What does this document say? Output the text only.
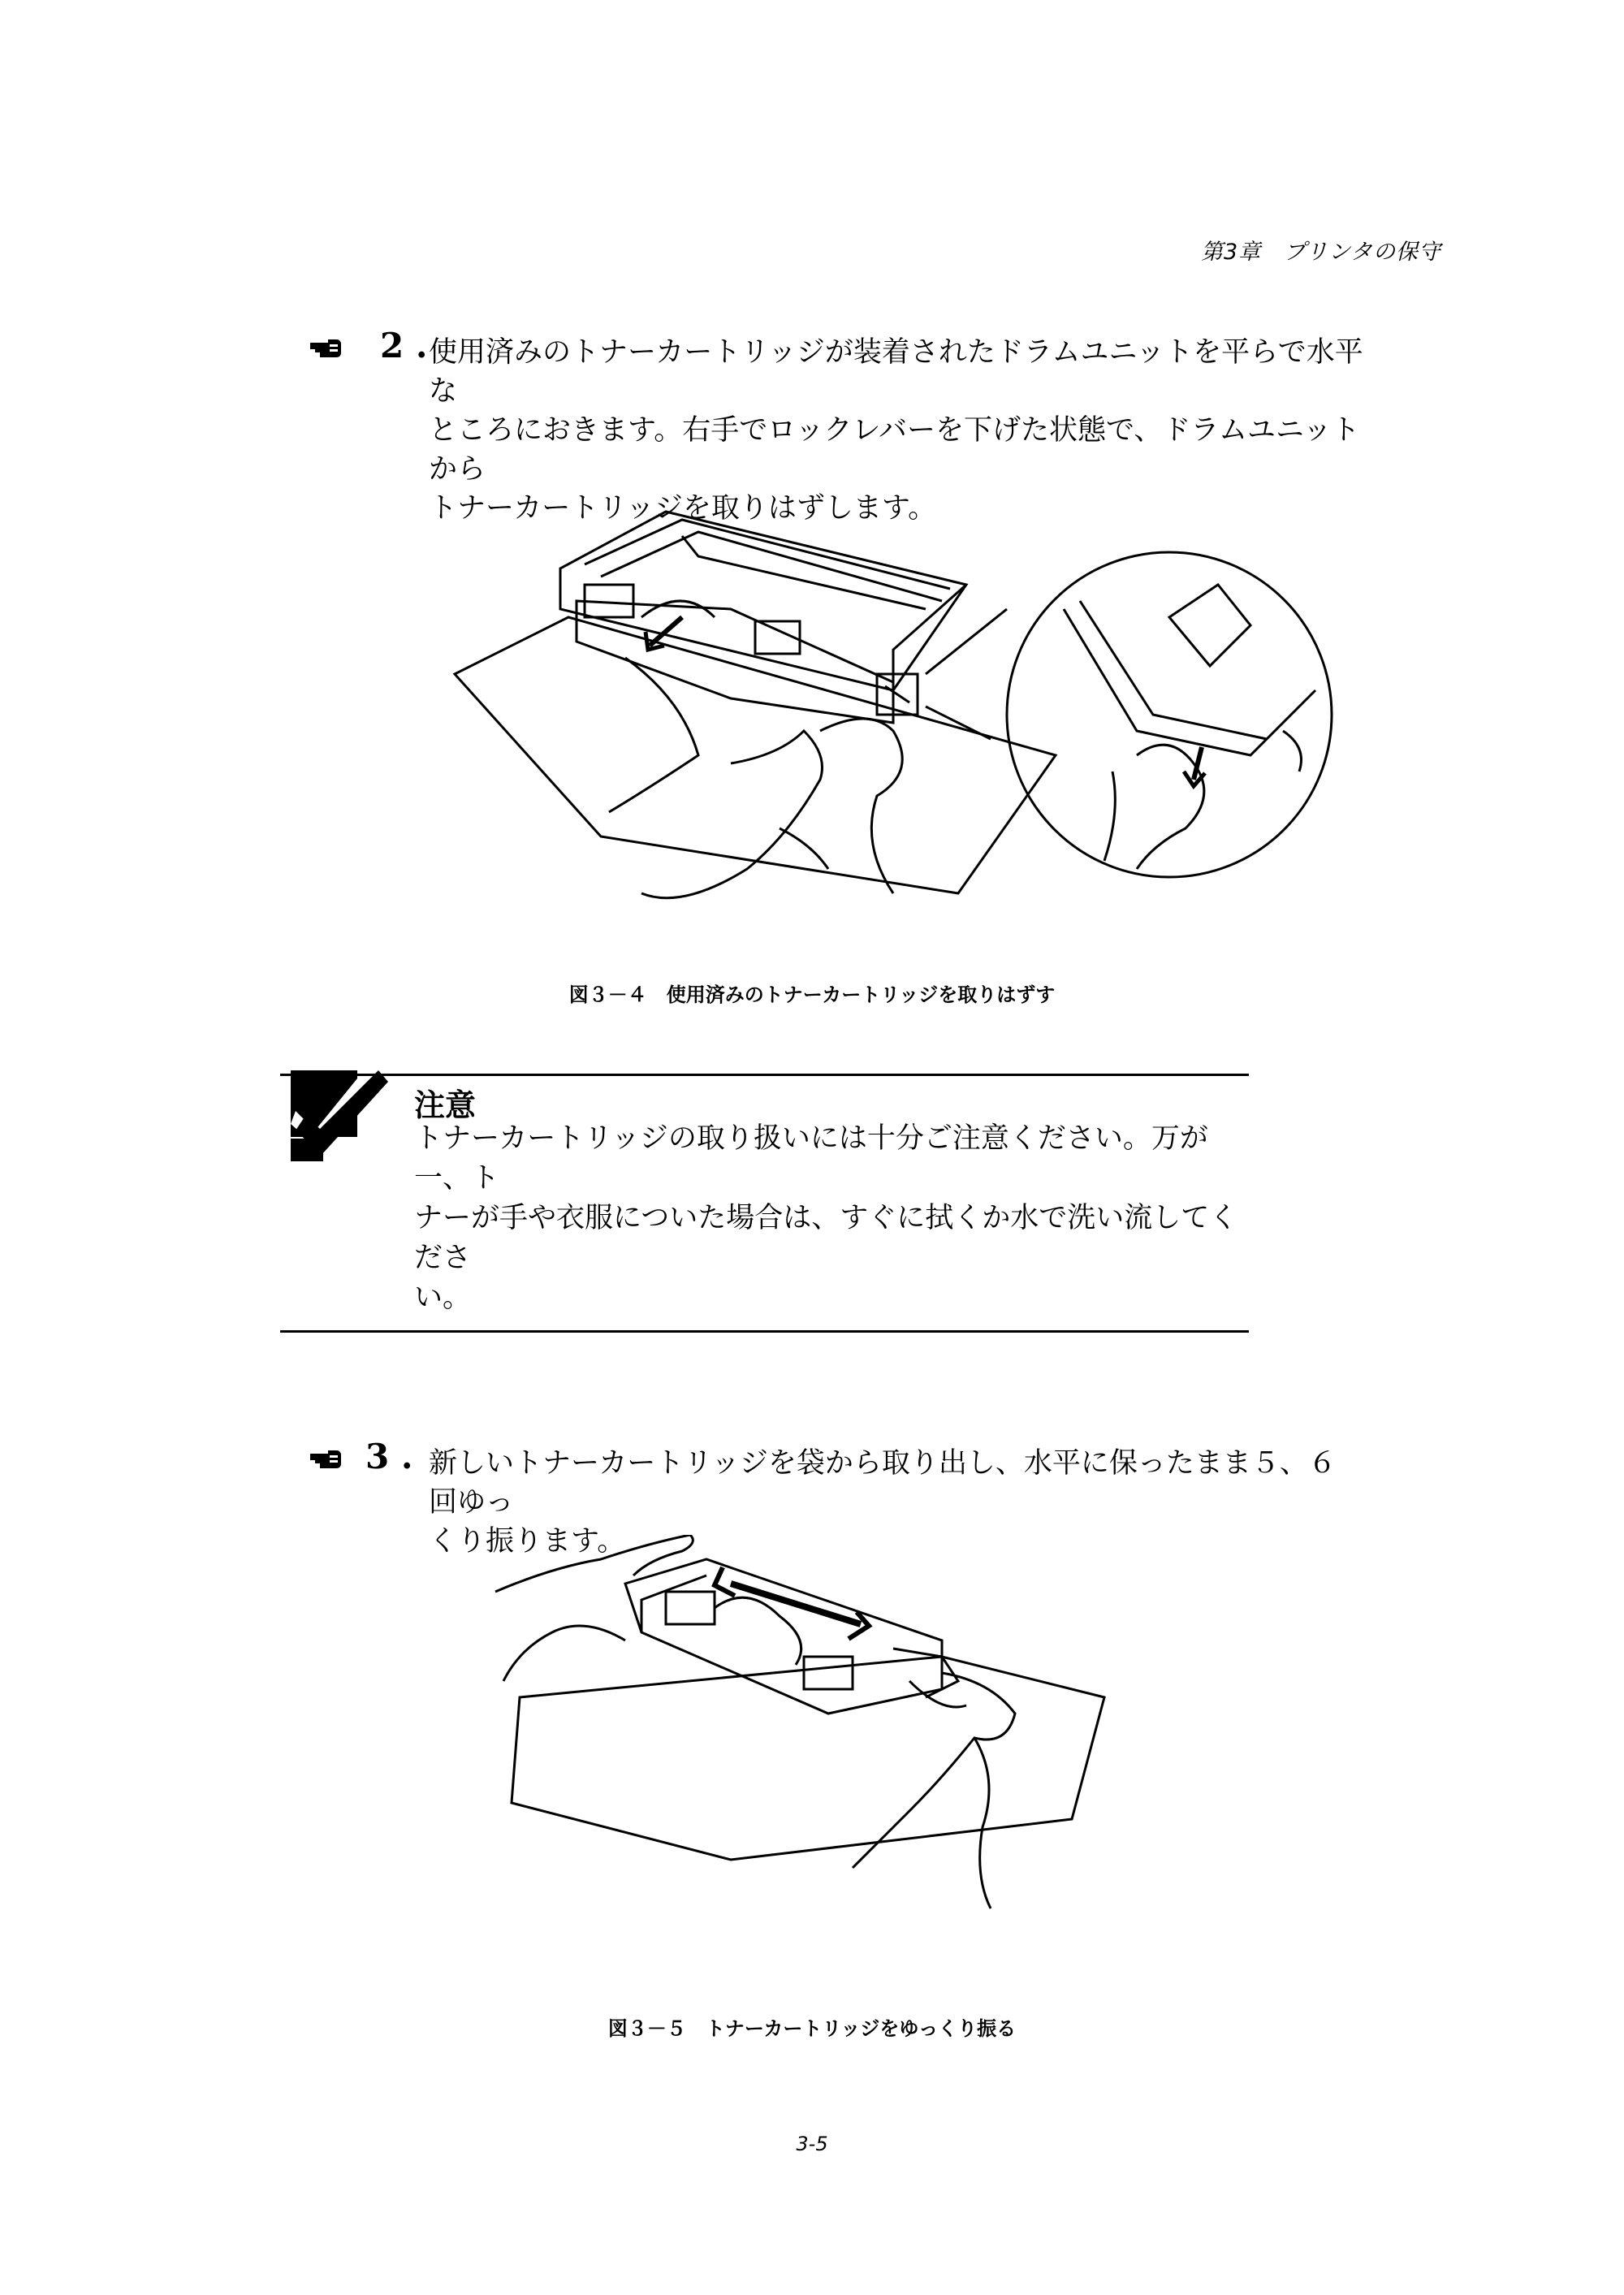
第3章　プリンタの保守
2 . 使用済みのトナーカートリッジが装着されたドラムユニットを平らで水平な
ところにおきます。右手でロックレバーを下げた状態で、ドラムユニットから
トナーカートリッジを取りはずします。
図３－４　使用済みのトナーカートリッジを取りはずす
注意
トナーカートリッジの取り扱いには十分ご注意ください。万が一、ト
ナーが手や衣服についた場合は、すぐに拭くか水で洗い流してくださ
い。
3 . 新しいトナーカートリッジを袋から取り出し、水平に保ったまま５、６回ゆっ
くり振ります。
図３－５　トナーカートリッジをゆっくり振る
3-5
